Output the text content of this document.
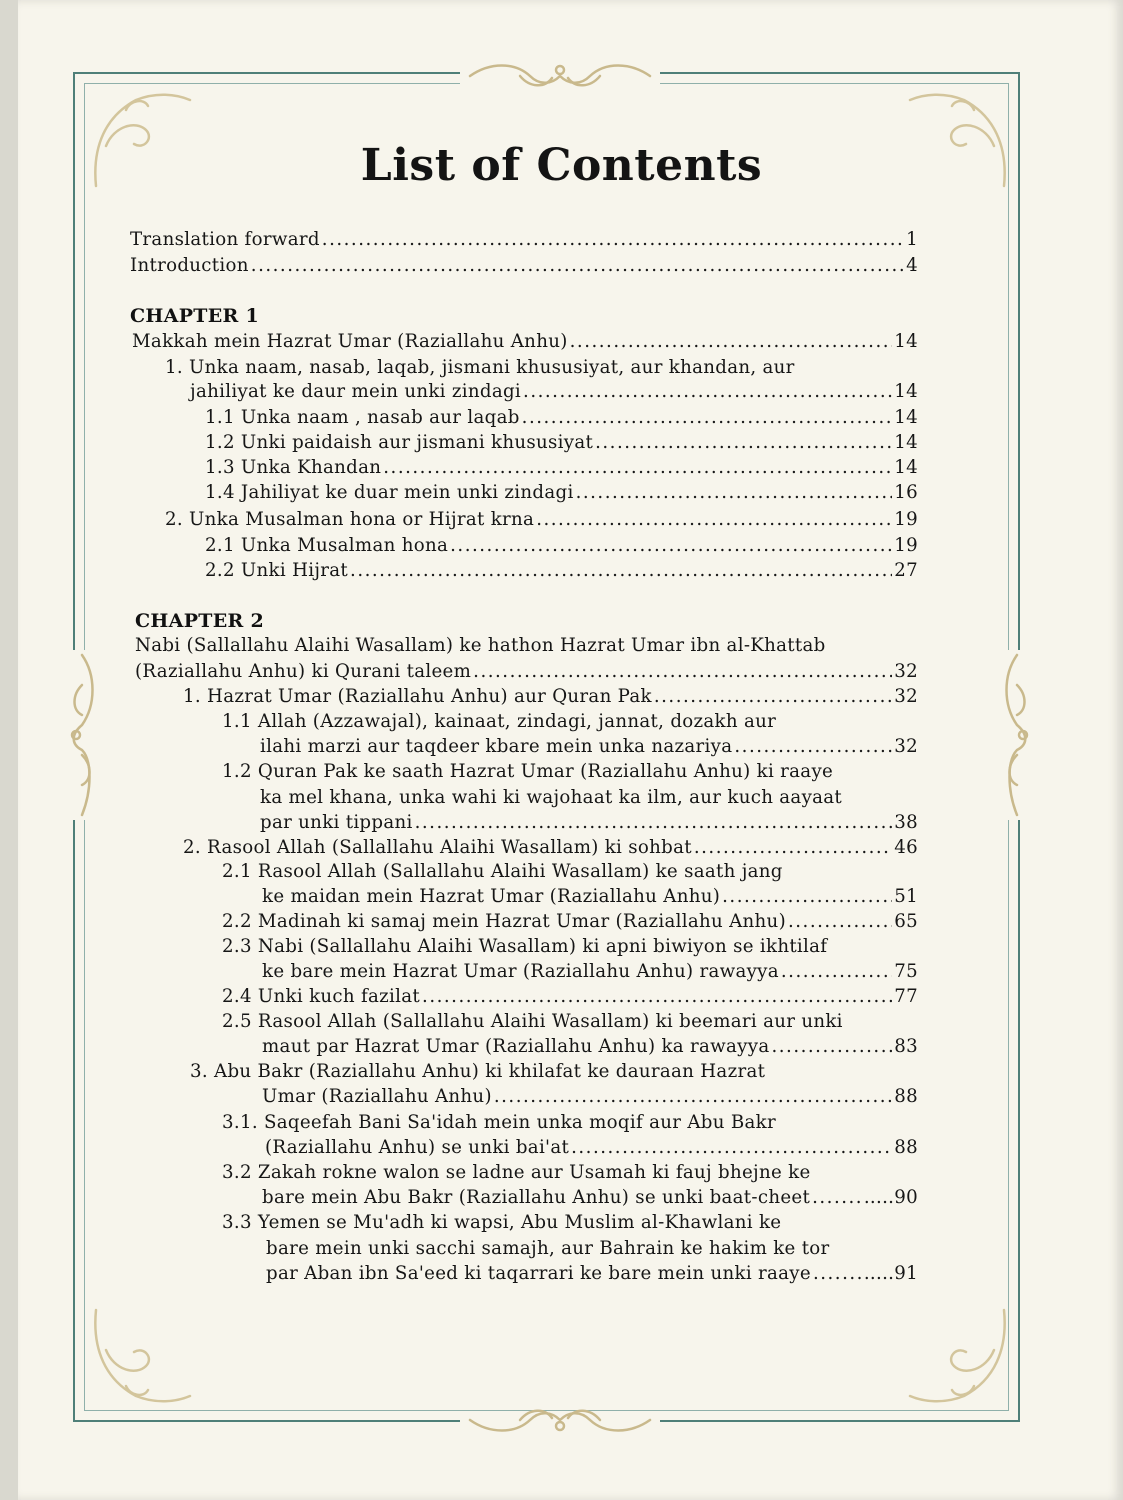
List of Contents
Translation forward .....	1
Introduction .....	4
CHAPTER 1
Makkah mein Hazrat Umar (Raziallahu Anhu) .....	14
1. Unka naam, nasab, laqab, jismani khususiyat, aur khandan, aur
jahiliyat ke daur mein unki zindagi .....	14
1.1 Unka naam , nasab aur laqab .....	14
1.2 Unki paidaish aur jismani khususiyat .....	14
1.3 Unka Khandan .....	14
1.4 Jahiliyat ke duar mein unki zindagi .....	16
2. Unka Musalman hona or Hijrat krna .....	19
2.1 Unka Musalman hona .....	19
2.2 Unki Hijrat .....	27
CHAPTER 2
Nabi (Sallallahu Alaihi Wasallam) ke hathon Hazrat Umar ibn al-Khattab
(Raziallahu Anhu) ki Qurani taleem .....	32
1. Hazrat Umar (Raziallahu Anhu) aur Quran Pak .....	32
1.1 Allah (Azzawajal), kainaat, zindagi, jannat, dozakh aur
ilahi marzi aur taqdeer kbare mein unka nazariya .....	32
1.2 Quran Pak ke saath Hazrat Umar (Raziallahu Anhu) ki raaye
ka mel khana, unka wahi ki wajohaat ka ilm, aur kuch aayaat
par unki tippani .....	38
2. Rasool Allah (Sallallahu Alaihi Wasallam) ki sohbat .....	46
2.1 Rasool Allah (Sallallahu Alaihi Wasallam) ke saath jang
ke maidan mein Hazrat Umar (Raziallahu Anhu) .....	51
2.2 Madinah ki samaj mein Hazrat Umar (Raziallahu Anhu) .....	65
2.3 Nabi (Sallallahu Alaihi Wasallam) ki apni biwiyon se ikhtilaf
ke bare mein Hazrat Umar (Raziallahu Anhu) rawayya .....	75
2.4 Unki kuch fazilat .....	77
2.5 Rasool Allah (Sallallahu Alaihi Wasallam) ki beemari aur unki
maut par Hazrat Umar (Raziallahu Anhu) ka rawayya .....	83
3. Abu Bakr (Raziallahu Anhu) ki khilafat ke dauraan Hazrat
Umar (Raziallahu Anhu) .....	88
3.1. Saqeefah Bani Sa'idah mein unka moqif aur Abu Bakr
(Raziallahu Anhu) se unki bai'at .....	88
3.2 Zakah rokne walon se ladne aur Usamah ki fauj bhejne ke
bare mein Abu Bakr (Raziallahu Anhu) se unki baat-cheet .....	.....90
3.3 Yemen se Mu'adh ki wapsi, Abu Muslim al-Khawlani ke
bare mein unki sacchi samajh, aur Bahrain ke hakim ke tor
par Aban ibn Sa'eed ki taqarrari ke bare mein unki raaye .....	.....91
